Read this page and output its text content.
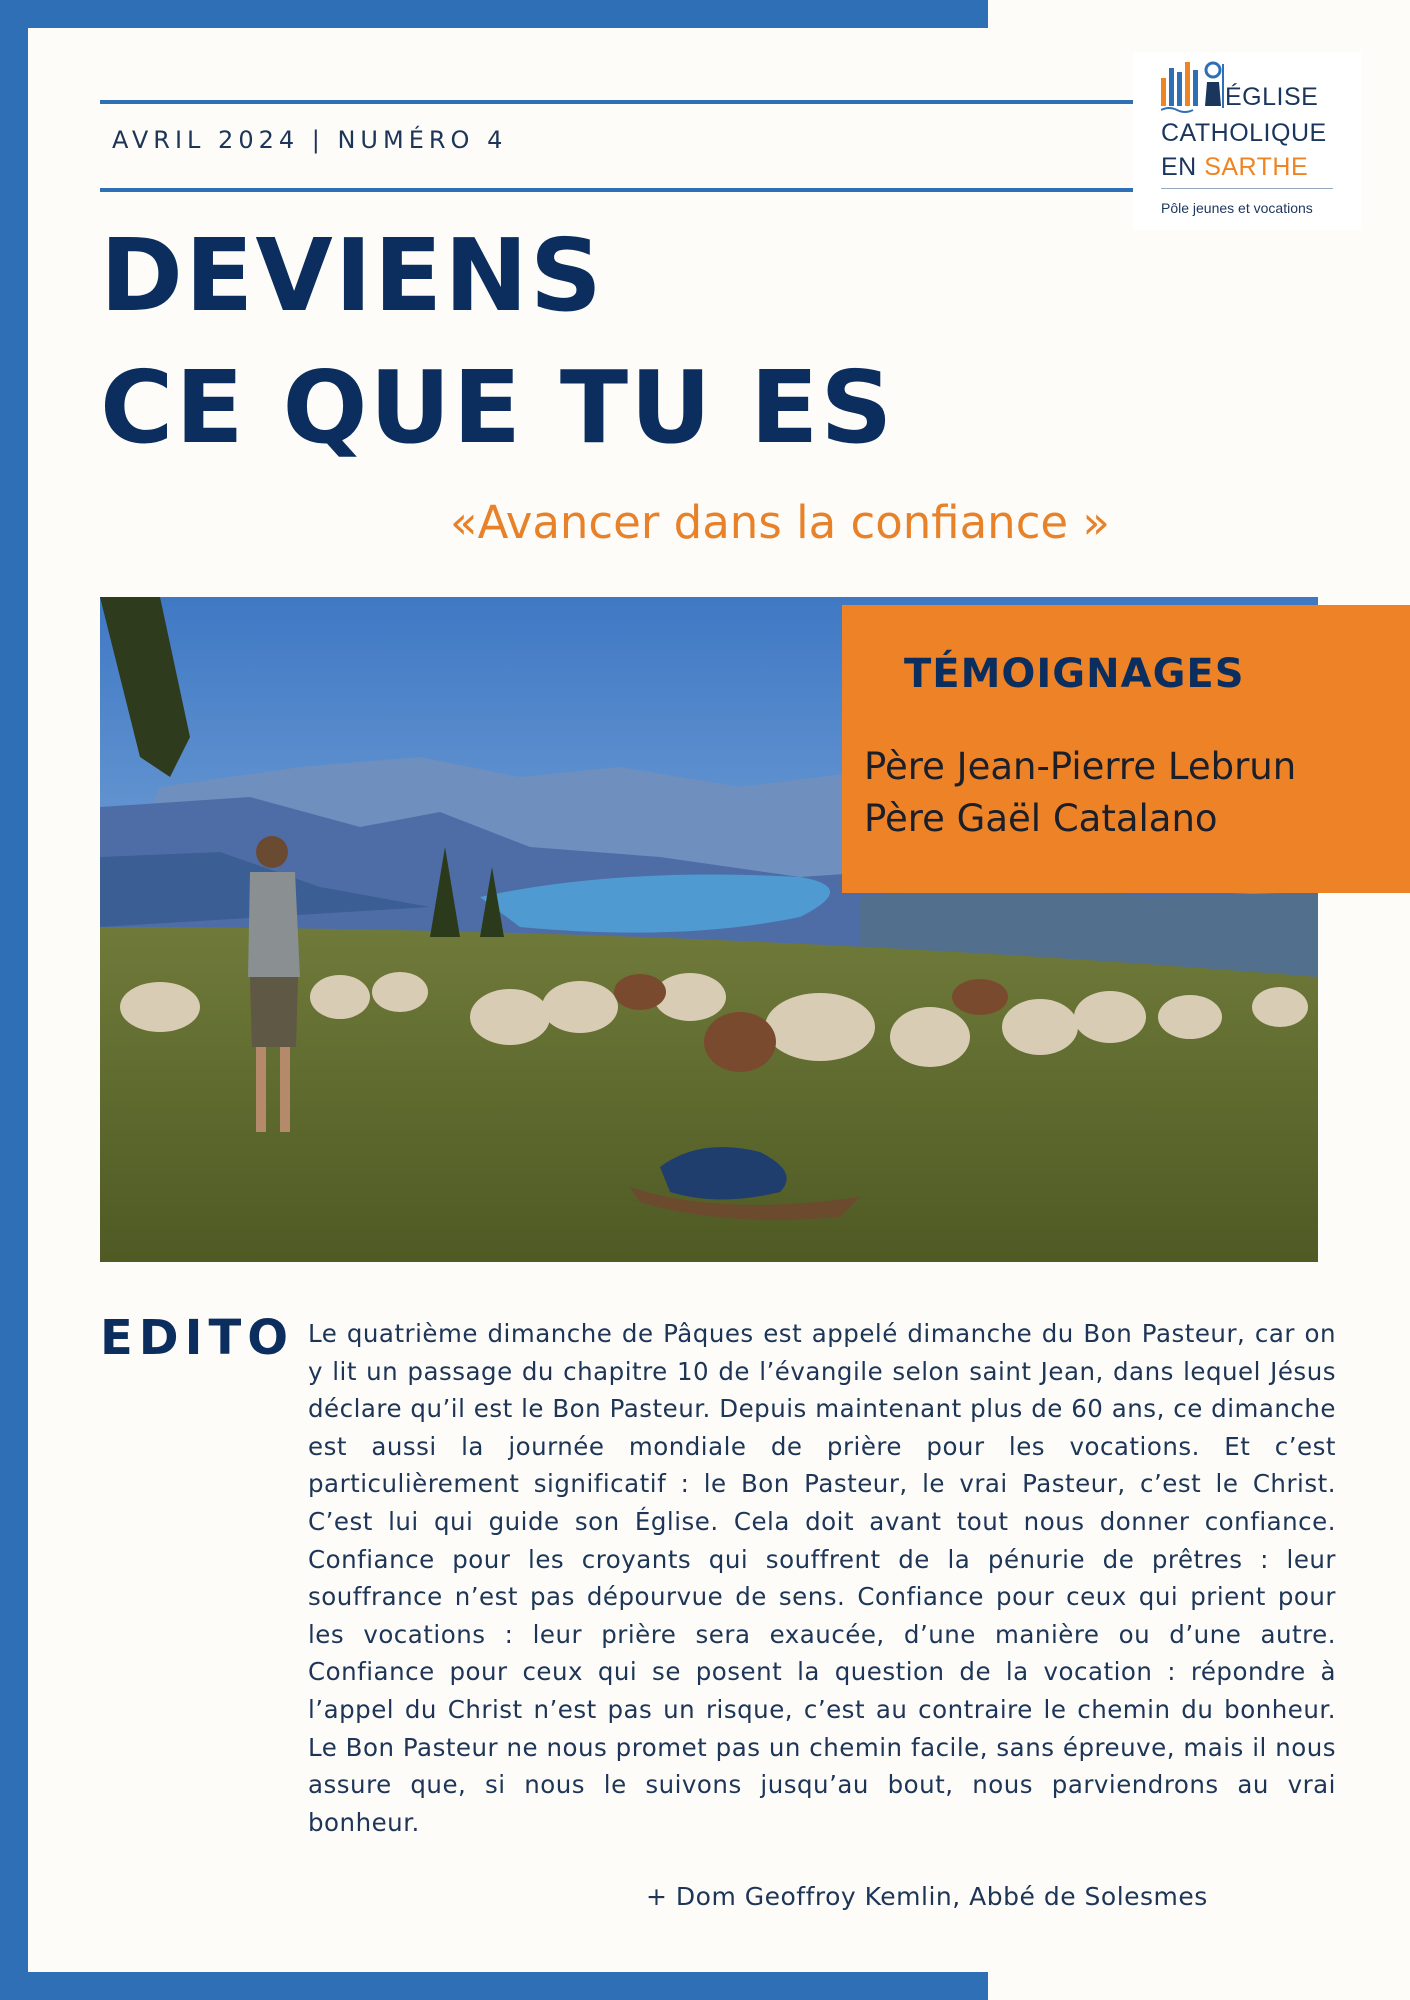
AVRIL 2024 | NUMÉRO 4
ÉGLISE
CATHOLIQUE
EN SARTHE
Pôle jeunes et vocations
DEVIENS
CE QUE TU ES
«Avancer dans la confiance »
TÉMOIGNAGES
Père Jean-Pierre Lebrun
Père Gaël Catalano
EDITO Le quatrième dimanche de Pâques est appelé dimanche du Bon Pasteur, car on y lit un passage du chapitre 10 de l’évangile selon saint Jean, dans lequel Jésus déclare qu’il est le Bon Pasteur. Depuis maintenant plus de 60 ans, ce dimanche est aussi la journée mondiale de prière pour les vocations. Et c’est particulièrement significatif : le Bon Pasteur, le vrai Pasteur, c’est le Christ. C’est lui qui guide son Église. Cela doit avant tout nous donner confiance. Confiance pour les croyants qui souffrent de la pénurie de prêtres : leur souffrance n’est pas dépourvue de sens. Confiance pour ceux qui prient pour les vocations : leur prière sera exaucée, d’une manière ou d’une autre. Confiance pour ceux qui se posent la question de la vocation : répondre à l’appel du Christ n’est pas un risque, c’est au contraire le chemin du bonheur. Le Bon Pasteur ne nous promet pas un chemin facile, sans épreuve, mais il nous assure que, si nous le suivons jusqu’au bout, nous parviendrons au vrai bonheur.

+ Dom Geoffroy Kemlin, Abbé de Solesmes
